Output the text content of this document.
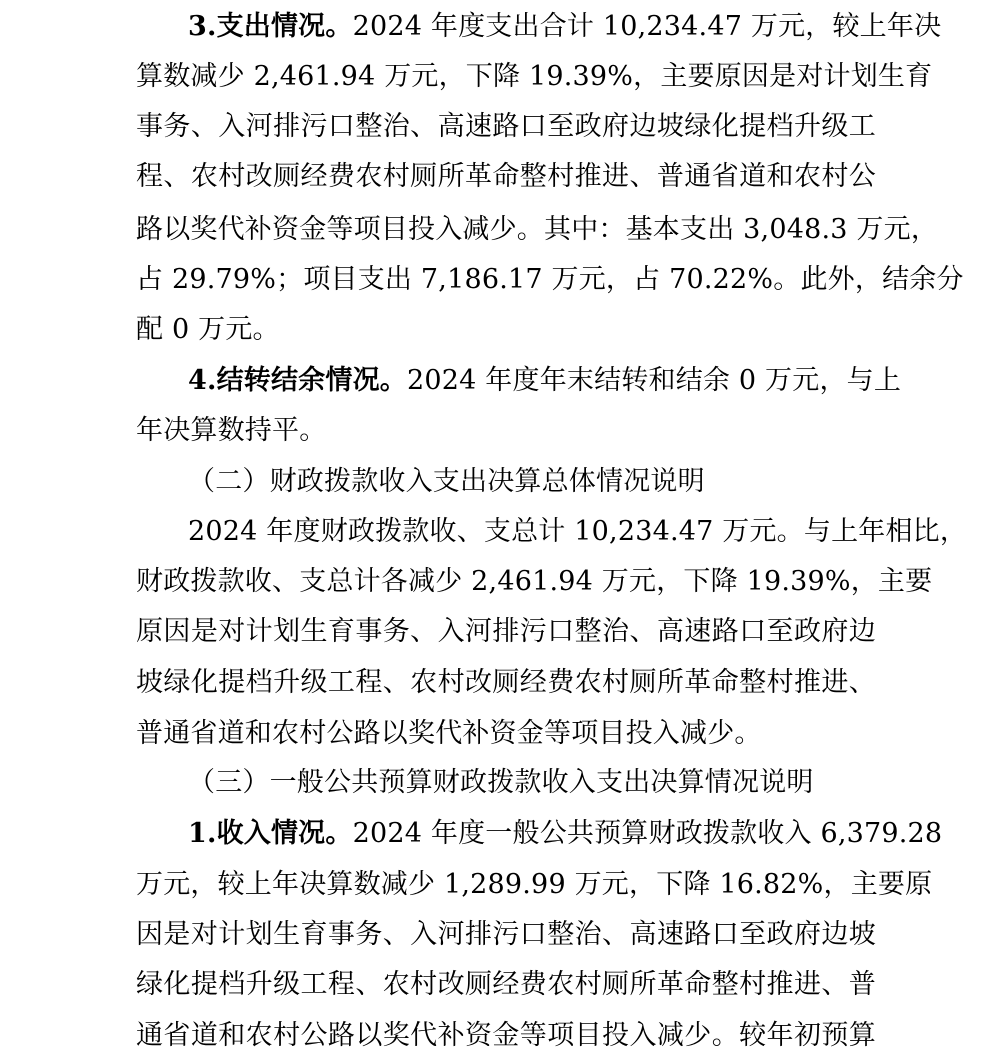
3.支出情况。2024 年度支出合计 10,234.47 万元，较上年决
算数减少 2,461.94 万元，下降 19.39%，主要原因是对计划生育
事务、入河排污口整治、高速路口至政府边坡绿化提档升级工
程、农村改厕经费农村厕所革命整村推进、普通省道和农村公
路以奖代补资金等项目投入减少。其中：基本支出 3,048.3 万元，
占 29.79%；项目支出 7,186.17 万元，占 70.22%。此外，结余分
配 0 万元。
4.结转结余情况。2024 年度年末结转和结余 0 万元，与上
年决算数持平。
（二）财政拨款收入支出决算总体情况说明
2024 年度财政拨款收、支总计 10,234.47 万元。与上年相比，
财政拨款收、支总计各减少 2,461.94 万元，下降 19.39%，主要
原因是对计划生育事务、入河排污口整治、高速路口至政府边
坡绿化提档升级工程、农村改厕经费农村厕所革命整村推进、
普通省道和农村公路以奖代补资金等项目投入减少。
（三）一般公共预算财政拨款收入支出决算情况说明
1.收入情况。2024 年度一般公共预算财政拨款收入 6,379.28
万元，较上年决算数减少 1,289.99 万元，下降 16.82%，主要原
因是对计划生育事务、入河排污口整治、高速路口至政府边坡
绿化提档升级工程、农村改厕经费农村厕所革命整村推进、普
通省道和农村公路以奖代补资金等项目投入减少。较年初预算
